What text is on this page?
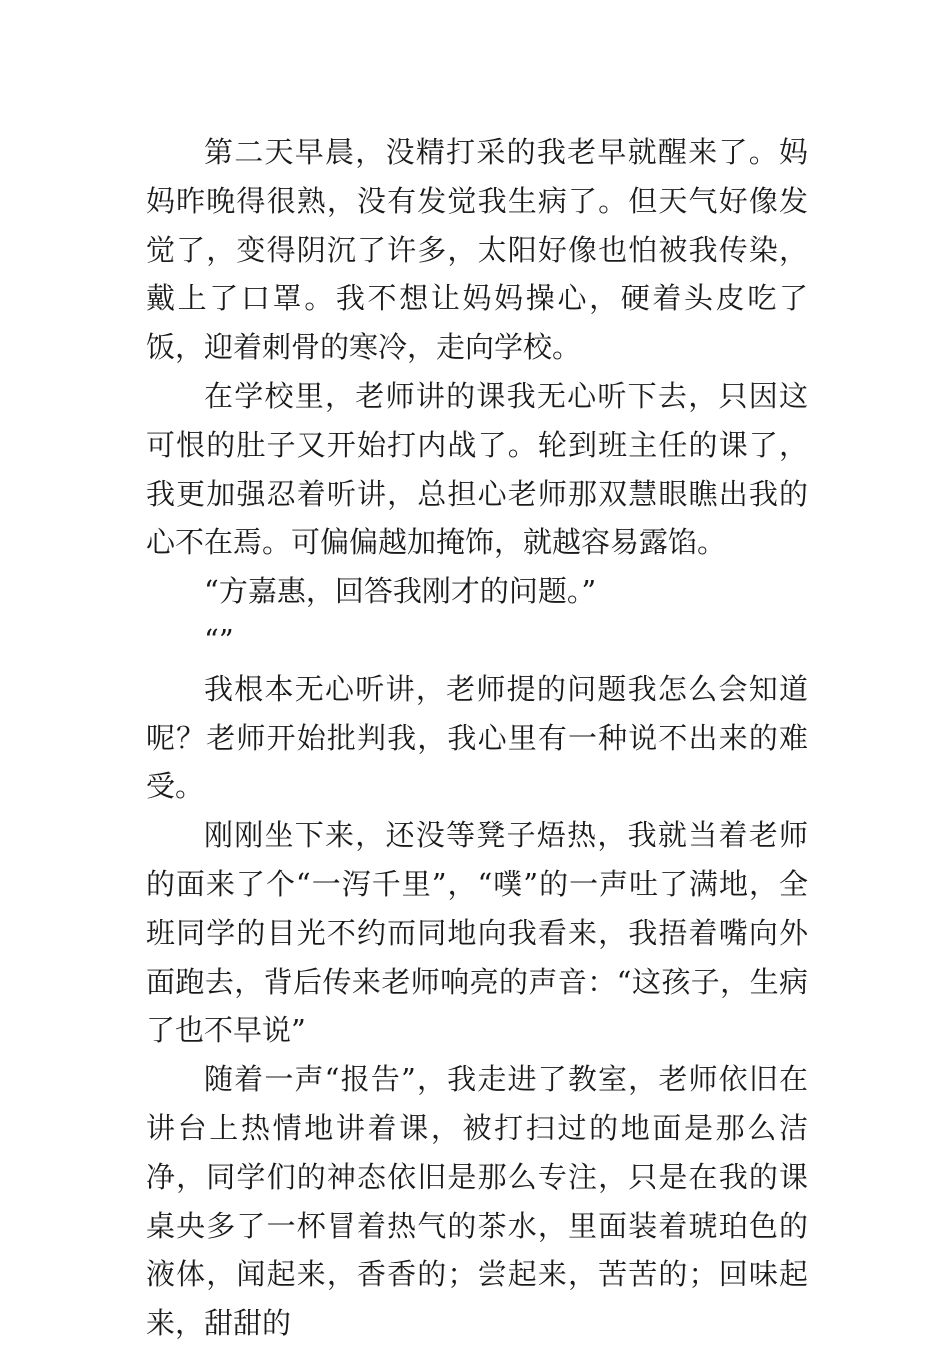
第二天早晨，没精打采的我老早就醒来了。妈妈昨晚得很熟，没有发觉我生病了。但天气好像发觉了，变得阴沉了许多，太阳好像也怕被我传染，戴上了口罩。我不想让妈妈操心，硬着头皮吃了饭，迎着刺骨的寒冷，走向学校。

在学校里，老师讲的课我无心听下去，只因这可恨的肚子又开始打内战了。轮到班主任的课了，我更加强忍着听讲，总担心老师那双慧眼瞧出我的心不在焉。可偏偏越加掩饰，就越容易露馅。

“方嘉惠，回答我刚才的问题。”

“”

我根本无心听讲，老师提的问题我怎么会知道呢？老师开始批判我，我心里有一种说不出来的难受。

刚刚坐下来，还没等凳子焐热，我就当着老师的面来了个“一泻千里”，“噗”的一声吐了满地，全班同学的目光不约而同地向我看来，我捂着嘴向外面跑去，背后传来老师响亮的声音：“这孩子，生病了也不早说”

随着一声“报告”，我走进了教室，老师依旧在讲台上热情地讲着课，被打扫过的地面是那么洁净，同学们的神态依旧是那么专注，只是在我的课桌央多了一杯冒着热气的茶水，里面装着琥珀色的液体，闻起来，香香的；尝起来，苦苦的；回味起来，甜甜的
